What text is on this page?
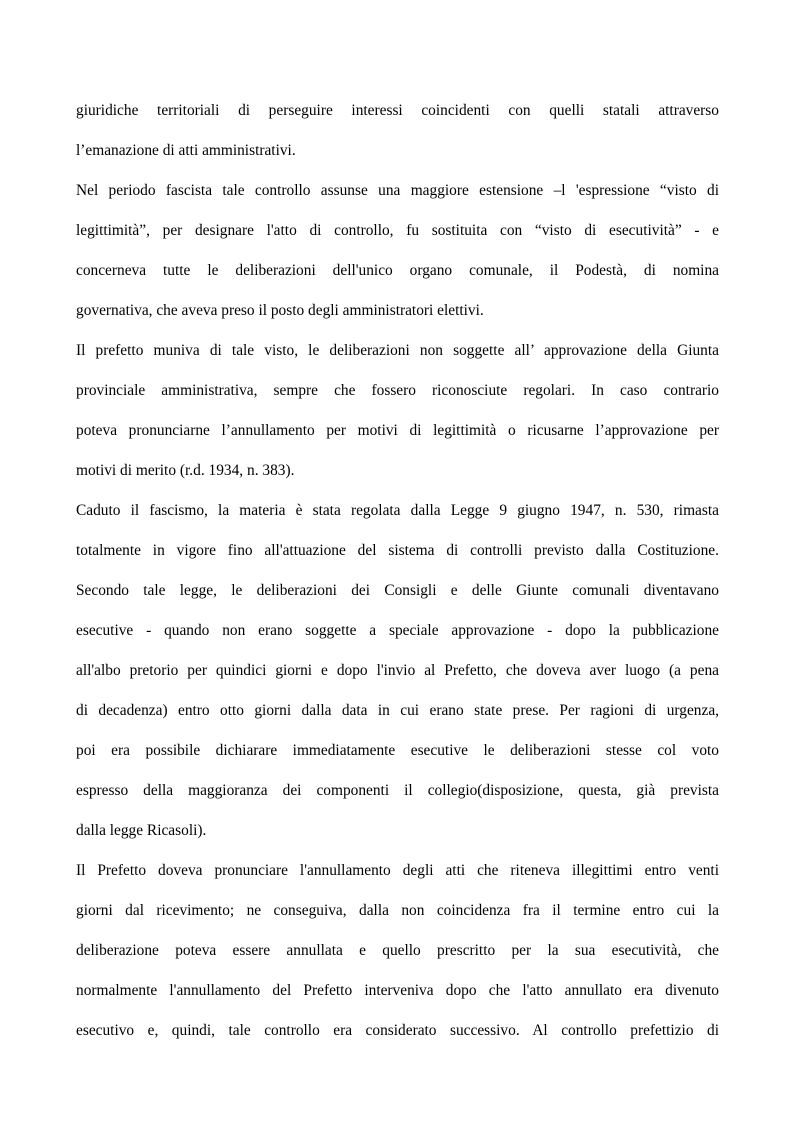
giuridiche territoriali di perseguire interessi coincidenti con quelli statali attraverso
l’emanazione di atti amministrativi.
Nel periodo fascista tale controllo assunse una maggiore estensione –l 'espressione “visto di
legittimità”, per designare l'atto di controllo, fu sostituita con “visto di esecutività” - e
concerneva tutte le deliberazioni dell'unico organo comunale, il Podestà, di nomina
governativa, che aveva preso il posto degli amministratori elettivi.
Il prefetto muniva di tale visto, le deliberazioni non soggette all’ approvazione della Giunta
provinciale amministrativa, sempre che fossero riconosciute regolari. In caso contrario
poteva pronunciarne l’annullamento per motivi di legittimità o ricusarne l’approvazione per
motivi di merito (r.d. 1934, n. 383).
Caduto il fascismo, la materia è stata regolata dalla Legge 9 giugno 1947, n. 530, rimasta
totalmente in vigore fino all'attuazione del sistema di controlli previsto dalla Costituzione.
Secondo tale legge, le deliberazioni dei Consigli e delle Giunte comunali diventavano
esecutive - quando non erano soggette a speciale approvazione - dopo la pubblicazione
all'albo pretorio per quindici giorni e dopo l'invio al Prefetto, che doveva aver luogo (a pena
di decadenza) entro otto giorni dalla data in cui erano state prese. Per ragioni di urgenza,
poi era possibile dichiarare immediatamente esecutive le deliberazioni stesse col voto
espresso della maggioranza dei componenti il collegio(disposizione, questa, già prevista
dalla legge Ricasoli).
Il Prefetto doveva pronunciare l'annullamento degli atti che riteneva illegittimi entro venti
giorni dal ricevimento; ne conseguiva, dalla non coincidenza fra il termine entro cui la
deliberazione poteva essere annullata e quello prescritto per la sua esecutività, che
normalmente l'annullamento del Prefetto interveniva dopo che l'atto annullato era divenuto
esecutivo e, quindi, tale controllo era considerato successivo. Al controllo prefettizio di
